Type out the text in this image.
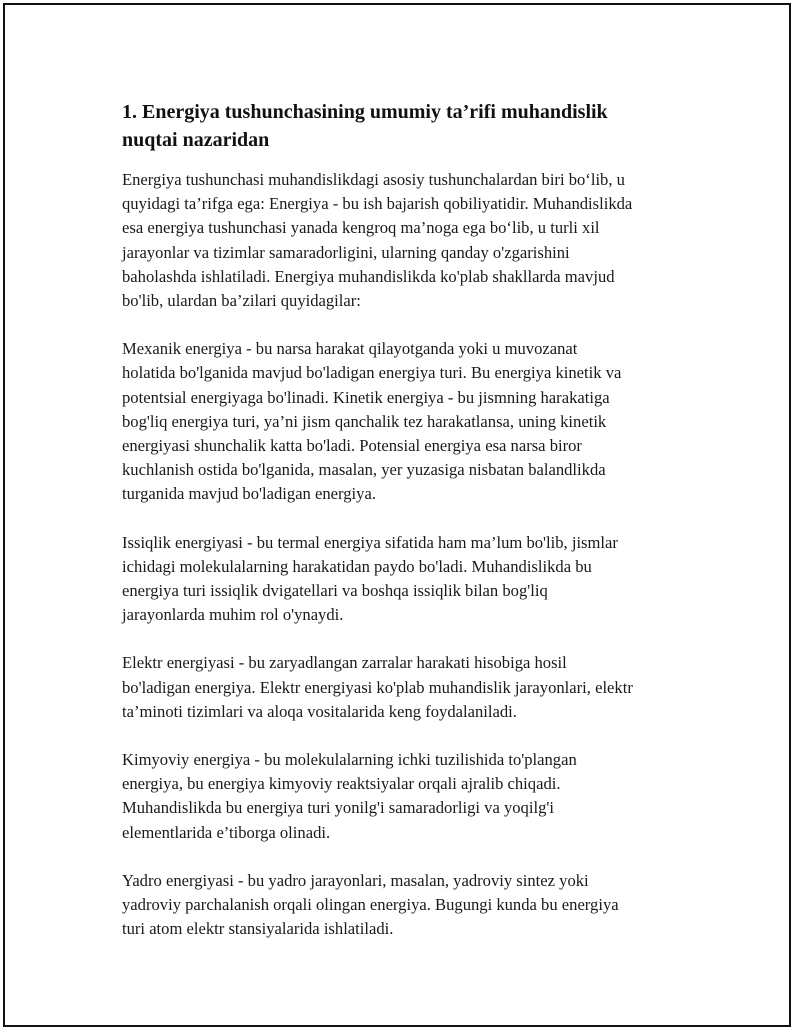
1. Energiya tushunchasining umumiy ta’rifi muhandislik
nuqtai nazaridan
Energiya tushunchasi muhandislikdagi asosiy tushunchalardan biri bo‘lib, u
quyidagi ta’rifga ega: Energiya - bu ish bajarish qobiliyatidir. Muhandislikda
esa energiya tushunchasi yanada kengroq ma’noga ega bo‘lib, u turli xil
jarayonlar va tizimlar samaradorligini, ularning qanday o'zgarishini
baholashda ishlatiladi. Energiya muhandislikda ko'plab shakllarda mavjud
bo'lib, ulardan ba’zilari quyidagilar:
Mexanik energiya - bu narsa harakat qilayotganda yoki u muvozanat
holatida bo'lganida mavjud bo'ladigan energiya turi. Bu energiya kinetik va
potentsial energiyaga bo'linadi. Kinetik energiya - bu jismning harakatiga
bog'liq energiya turi, ya’ni jism qanchalik tez harakatlansa, uning kinetik
energiyasi shunchalik katta bo'ladi. Potensial energiya esa narsa biror
kuchlanish ostida bo'lganida, masalan, yer yuzasiga nisbatan balandlikda
turganida mavjud bo'ladigan energiya.
Issiqlik energiyasi - bu termal energiya sifatida ham ma’lum bo'lib, jismlar
ichidagi molekulalarning harakatidan paydo bo'ladi. Muhandislikda bu
energiya turi issiqlik dvigatellari va boshqa issiqlik bilan bog'liq
jarayonlarda muhim rol o'ynaydi.
Elektr energiyasi - bu zaryadlangan zarralar harakati hisobiga hosil
bo'ladigan energiya. Elektr energiyasi ko'plab muhandislik jarayonlari, elektr
ta’minoti tizimlari va aloqa vositalarida keng foydalaniladi.
Kimyoviy energiya - bu molekulalarning ichki tuzilishida to'plangan
energiya, bu energiya kimyoviy reaktsiyalar orqali ajralib chiqadi.
Muhandislikda bu energiya turi yonilg'i samaradorligi va yoqilg'i
elementlarida e’tiborga olinadi.
Yadro energiyasi - bu yadro jarayonlari, masalan, yadroviy sintez yoki
yadroviy parchalanish orqali olingan energiya. Bugungi kunda bu energiya
turi atom elektr stansiyalarida ishlatiladi.
